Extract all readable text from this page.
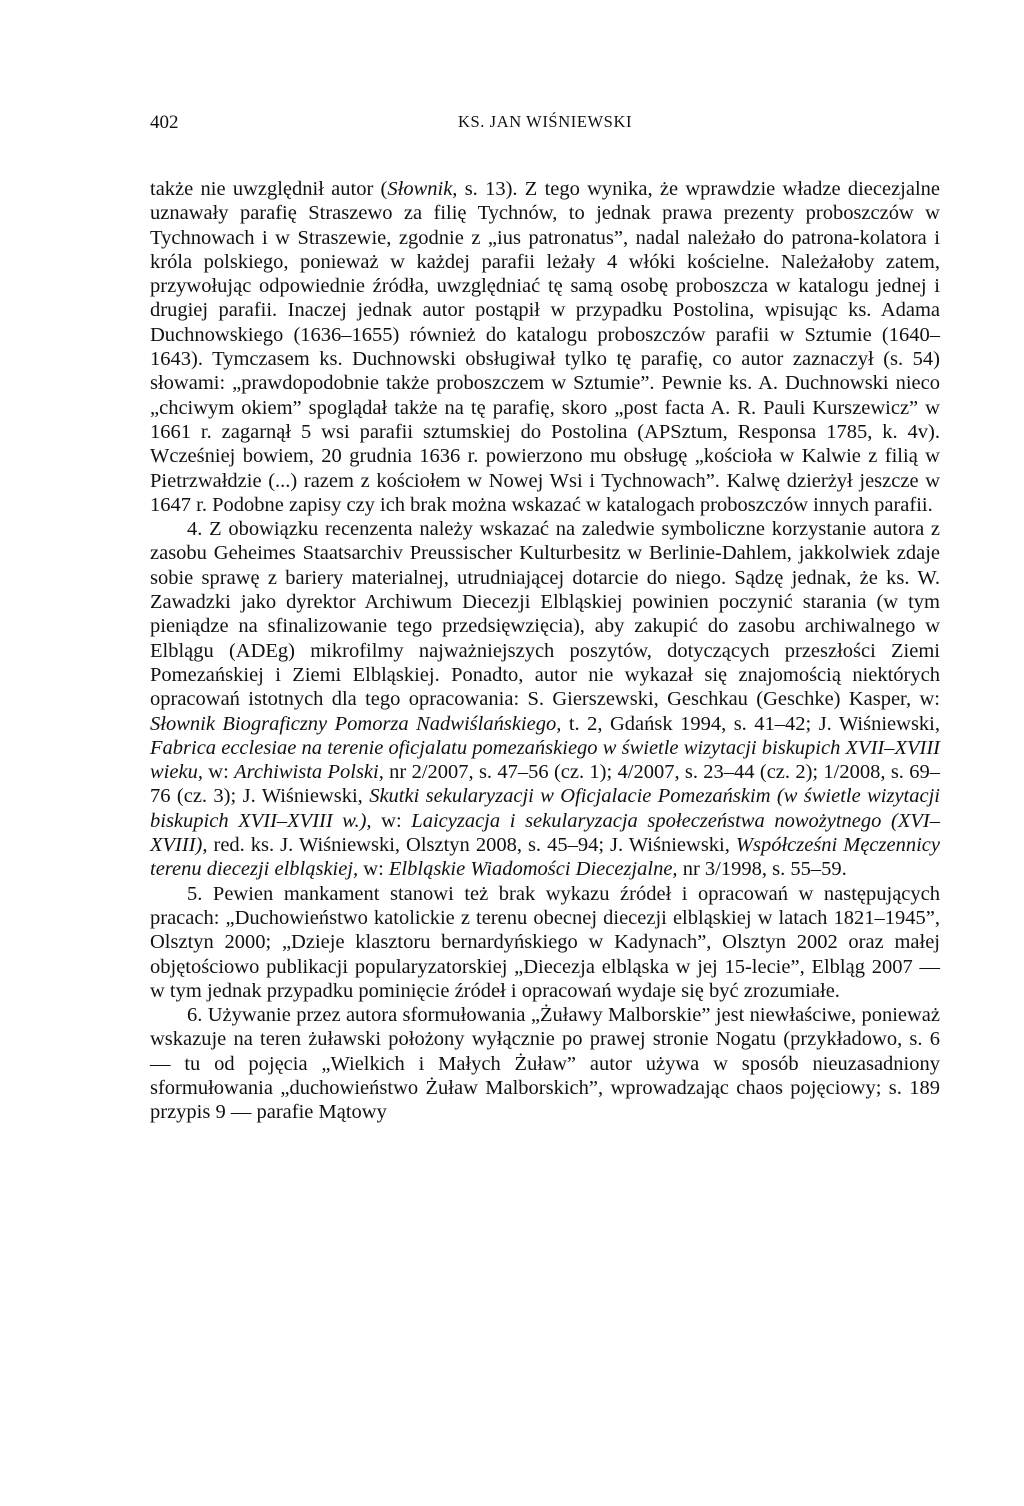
402	KS. JAN WIŚNIEWSKI

także nie uwzględnił autor (Słownik, s. 13). Z tego wynika, że wprawdzie władze diecezjalne uznawały parafię Straszewo za filię Tychnów, to jednak prawa prezenty proboszczów w Tychnowach i w Straszewie, zgodnie z „ius patronatus”, nadal należało do patrona-kolatora i króla polskiego, ponieważ w każdej parafii leżały 4 włóki kościelne. Należałoby zatem, przywołując odpowiednie źródła, uwzględniać tę samą osobę proboszcza w katalogu jednej i drugiej parafii. Inaczej jednak autor postąpił w przypadku Postolina, wpisując ks. Adama Duchnowskiego (1636–1655) również do katalogu proboszczów parafii w Sztumie (1640–1643). Tymczasem ks. Duchnowski obsługiwał tylko tę parafię, co autor zaznaczył (s. 54) słowami: „prawdopodobnie także proboszczem w Sztumie”. Pewnie ks. A. Duchnowski nieco „chciwym okiem” spoglądał także na tę parafię, skoro „post facta A. R. Pauli Kurszewicz” w 1661 r. zagarnął 5 wsi parafii sztumskiej do Postolina (APSztum, Responsa 1785, k. 4v). Wcześniej bowiem, 20 grudnia 1636 r. powierzono mu obsługę „kościoła w Kalwie z filią w Pietrzwałdzie (...) razem z kościołem w Nowej Wsi i Tychnowach”. Kalwę dzierżył jeszcze w 1647 r. Podobne zapisy czy ich brak można wskazać w katalogach proboszczów innych parafii.

4. Z obowiązku recenzenta należy wskazać na zaledwie symboliczne korzystanie autora z zasobu Geheimes Staatsarchiv Preussischer Kulturbesitz w Berlinie-Dahlem, jakkolwiek zdaje sobie sprawę z bariery materialnej, utrudniającej dotarcie do niego. Sądzę jednak, że ks. W. Zawadzki jako dyrektor Archiwum Diecezji Elbląskiej powinien poczynić starania (w tym pieniądze na sfinalizowanie tego przedsięwzięcia), aby zakupić do zasobu archiwalnego w Elblągu (ADEg) mikrofilmy najważniejszych poszytów, dotyczących przeszłości Ziemi Pomezańskiej i Ziemi Elbląskiej. Ponadto, autor nie wykazał się znajomością niektórych opracowań istotnych dla tego opracowania: S. Gierszewski, Geschkau (Geschke) Kasper, w: Słownik Biograficzny Pomorza Nadwiślańskiego, t. 2, Gdańsk 1994, s. 41–42; J. Wiśniewski, Fabrica ecclesiae na terenie oficjalatu pomezańskiego w świetle wizytacji biskupich XVII–XVIII wieku, w: Archiwista Polski, nr 2/2007, s. 47–56 (cz. 1); 4/2007, s. 23–44 (cz. 2); 1/2008, s. 69–76 (cz. 3); J. Wiśniewski, Skutki sekularyzacji w Oficjalacie Pomezańskim (w świetle wizytacji biskupich XVII–XVIII w.), w: Laicyzacja i sekularyzacja społeczeństwa nowożytnego (XVI–XVIII), red. ks. J. Wiśniewski, Olsztyn 2008, s. 45–94; J. Wiśniewski, Współcześni Męczennicy terenu diecezji elbląskiej, w: Elbląskie Wiadomości Diecezjalne, nr 3/1998, s. 55–59.

5. Pewien mankament stanowi też brak wykazu źródeł i opracowań w następujących pracach: „Duchowieństwo katolickie z terenu obecnej diecezji elbląskiej w latach 1821–1945”, Olsztyn 2000; „Dzieje klasztoru bernardyńskiego w Kadynach”, Olsztyn 2002 oraz małej objętościowo publikacji popularyzatorskiej „Diecezja elbląska w jej 15-lecie”, Elbląg 2007 — w tym jednak przypadku pominięcie źródeł i opracowań wydaje się być zrozumiałe.

6. Używanie przez autora sformułowania „Żuławy Malborskie” jest niewłaściwe, ponieważ wskazuje na teren żuławski położony wyłącznie po prawej stronie Nogatu (przykładowo, s. 6 — tu od pojęcia „Wielkich i Małych Żuław” autor używa w sposób nieuzasadniony sformułowania „duchowieństwo Żuław Malborskich”, wprowadzając chaos pojęciowy; s. 189 przypis 9 — parafie Mątowy
